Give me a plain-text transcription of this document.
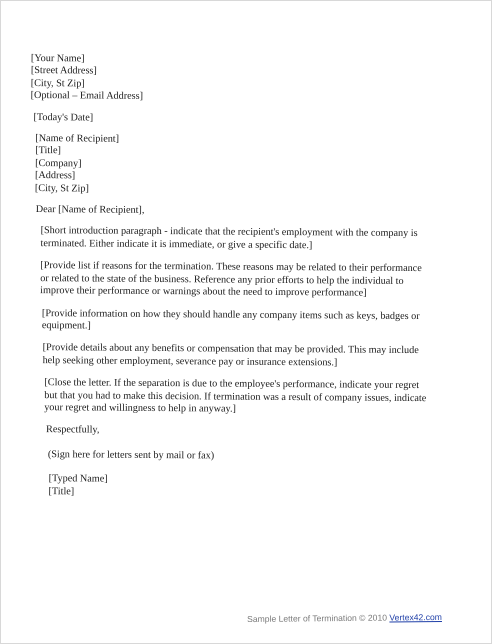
[Your Name]
[Street Address]
[City, St Zip]
[Optional – Email Address]
[Today's Date]
[Name of Recipient]
[Title]
[Company]
[Address]
[City, St Zip]
Dear [Name of Recipient],
[Short introduction paragraph - indicate that the recipient's employment with the company is terminated. Either indicate it is immediate, or give a specific date.]
[Provide list if reasons for the termination. These reasons may be related to their performance or related to the state of the business. Reference any prior efforts to help the individual to improve their performance or warnings about the need to improve performance]
[Provide information on how they should handle any company items such as keys, badges or equipment.]
[Provide details about any benefits or compensation that may be provided. This may include help seeking other employment, severance pay or insurance extensions.]
[Close the letter. If the separation is due to the employee's performance, indicate your regret but that you had to make this decision. If termination was a result of company issues, indicate your regret and willingness to help in anyway.]
Respectfully,
(Sign here for letters sent by mail or fax)
[Typed Name]
[Title]
Sample Letter of Termination © 2010 Vertex42.com
